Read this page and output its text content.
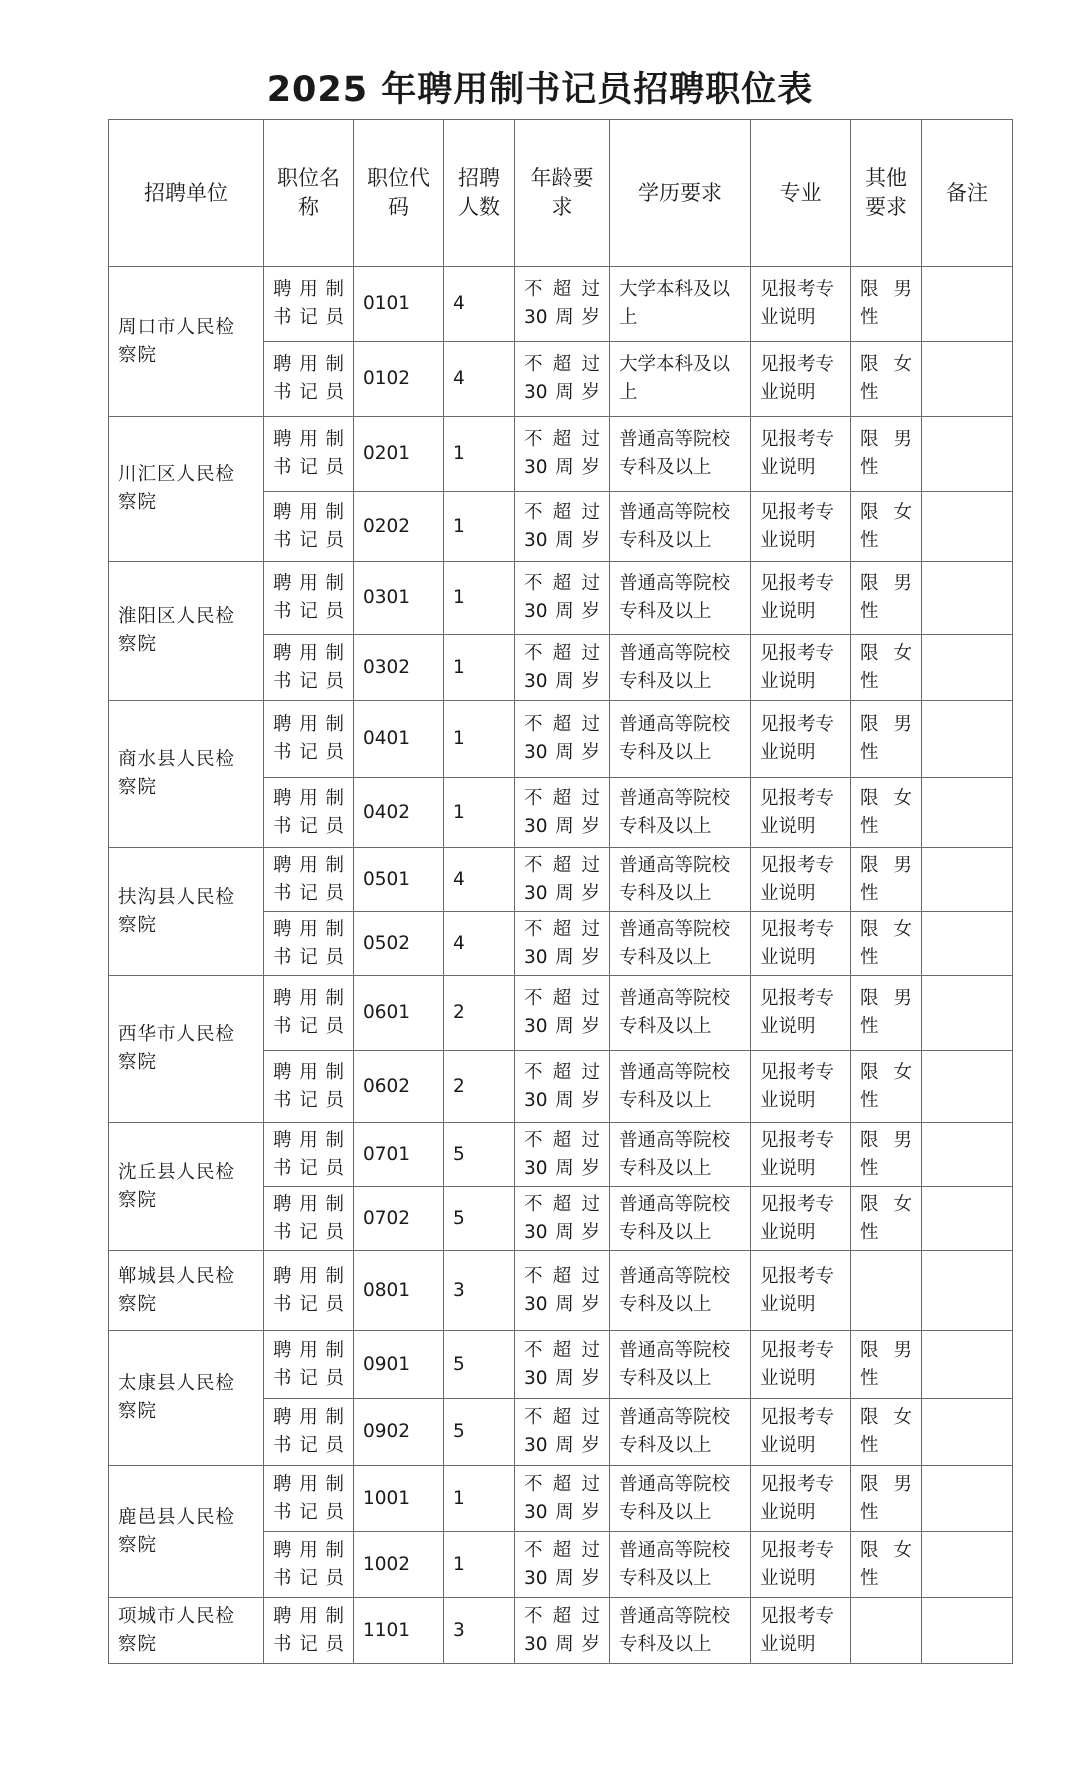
2025 年聘用制书记员招聘职位表
招聘单位	职位名称	职位代码	招聘人数	年龄要求	学历要求	专业	其他要求	备注
周口市人民检察院	聘用制书记员	0101	4	不超过30周岁	大学本科及以上	见报考专业说明	限男性	
	聘用制书记员	0102	4	不超过30周岁	大学本科及以上	见报考专业说明	限女性	
川汇区人民检察院	聘用制书记员	0201	1	不超过30周岁	普通高等院校专科及以上	见报考专业说明	限男性	
	聘用制书记员	0202	1	不超过30周岁	普通高等院校专科及以上	见报考专业说明	限女性	
淮阳区人民检察院	聘用制书记员	0301	1	不超过30周岁	普通高等院校专科及以上	见报考专业说明	限男性	
	聘用制书记员	0302	1	不超过30周岁	普通高等院校专科及以上	见报考专业说明	限女性	
商水县人民检察院	聘用制书记员	0401	1	不超过30周岁	普通高等院校专科及以上	见报考专业说明	限男性	
	聘用制书记员	0402	1	不超过30周岁	普通高等院校专科及以上	见报考专业说明	限女性	
扶沟县人民检察院	聘用制书记员	0501	4	不超过30周岁	普通高等院校专科及以上	见报考专业说明	限男性	
	聘用制书记员	0502	4	不超过30周岁	普通高等院校专科及以上	见报考专业说明	限女性	
西华市人民检察院	聘用制书记员	0601	2	不超过30周岁	普通高等院校专科及以上	见报考专业说明	限男性	
	聘用制书记员	0602	2	不超过30周岁	普通高等院校专科及以上	见报考专业说明	限女性	
沈丘县人民检察院	聘用制书记员	0701	5	不超过30周岁	普通高等院校专科及以上	见报考专业说明	限男性	
	聘用制书记员	0702	5	不超过30周岁	普通高等院校专科及以上	见报考专业说明	限女性	
郸城县人民检察院	聘用制书记员	0801	3	不超过30周岁	普通高等院校专科及以上	见报考专业说明		
太康县人民检察院	聘用制书记员	0901	5	不超过30周岁	普通高等院校专科及以上	见报考专业说明	限男性	
	聘用制书记员	0902	5	不超过30周岁	普通高等院校专科及以上	见报考专业说明	限女性	
鹿邑县人民检察院	聘用制书记员	1001	1	不超过30周岁	普通高等院校专科及以上	见报考专业说明	限男性	
	聘用制书记员	1002	1	不超过30周岁	普通高等院校专科及以上	见报考专业说明	限女性	
项城市人民检察院	聘用制书记员	1101	3	不超过30周岁	普通高等院校专科及以上	见报考专业说明		
